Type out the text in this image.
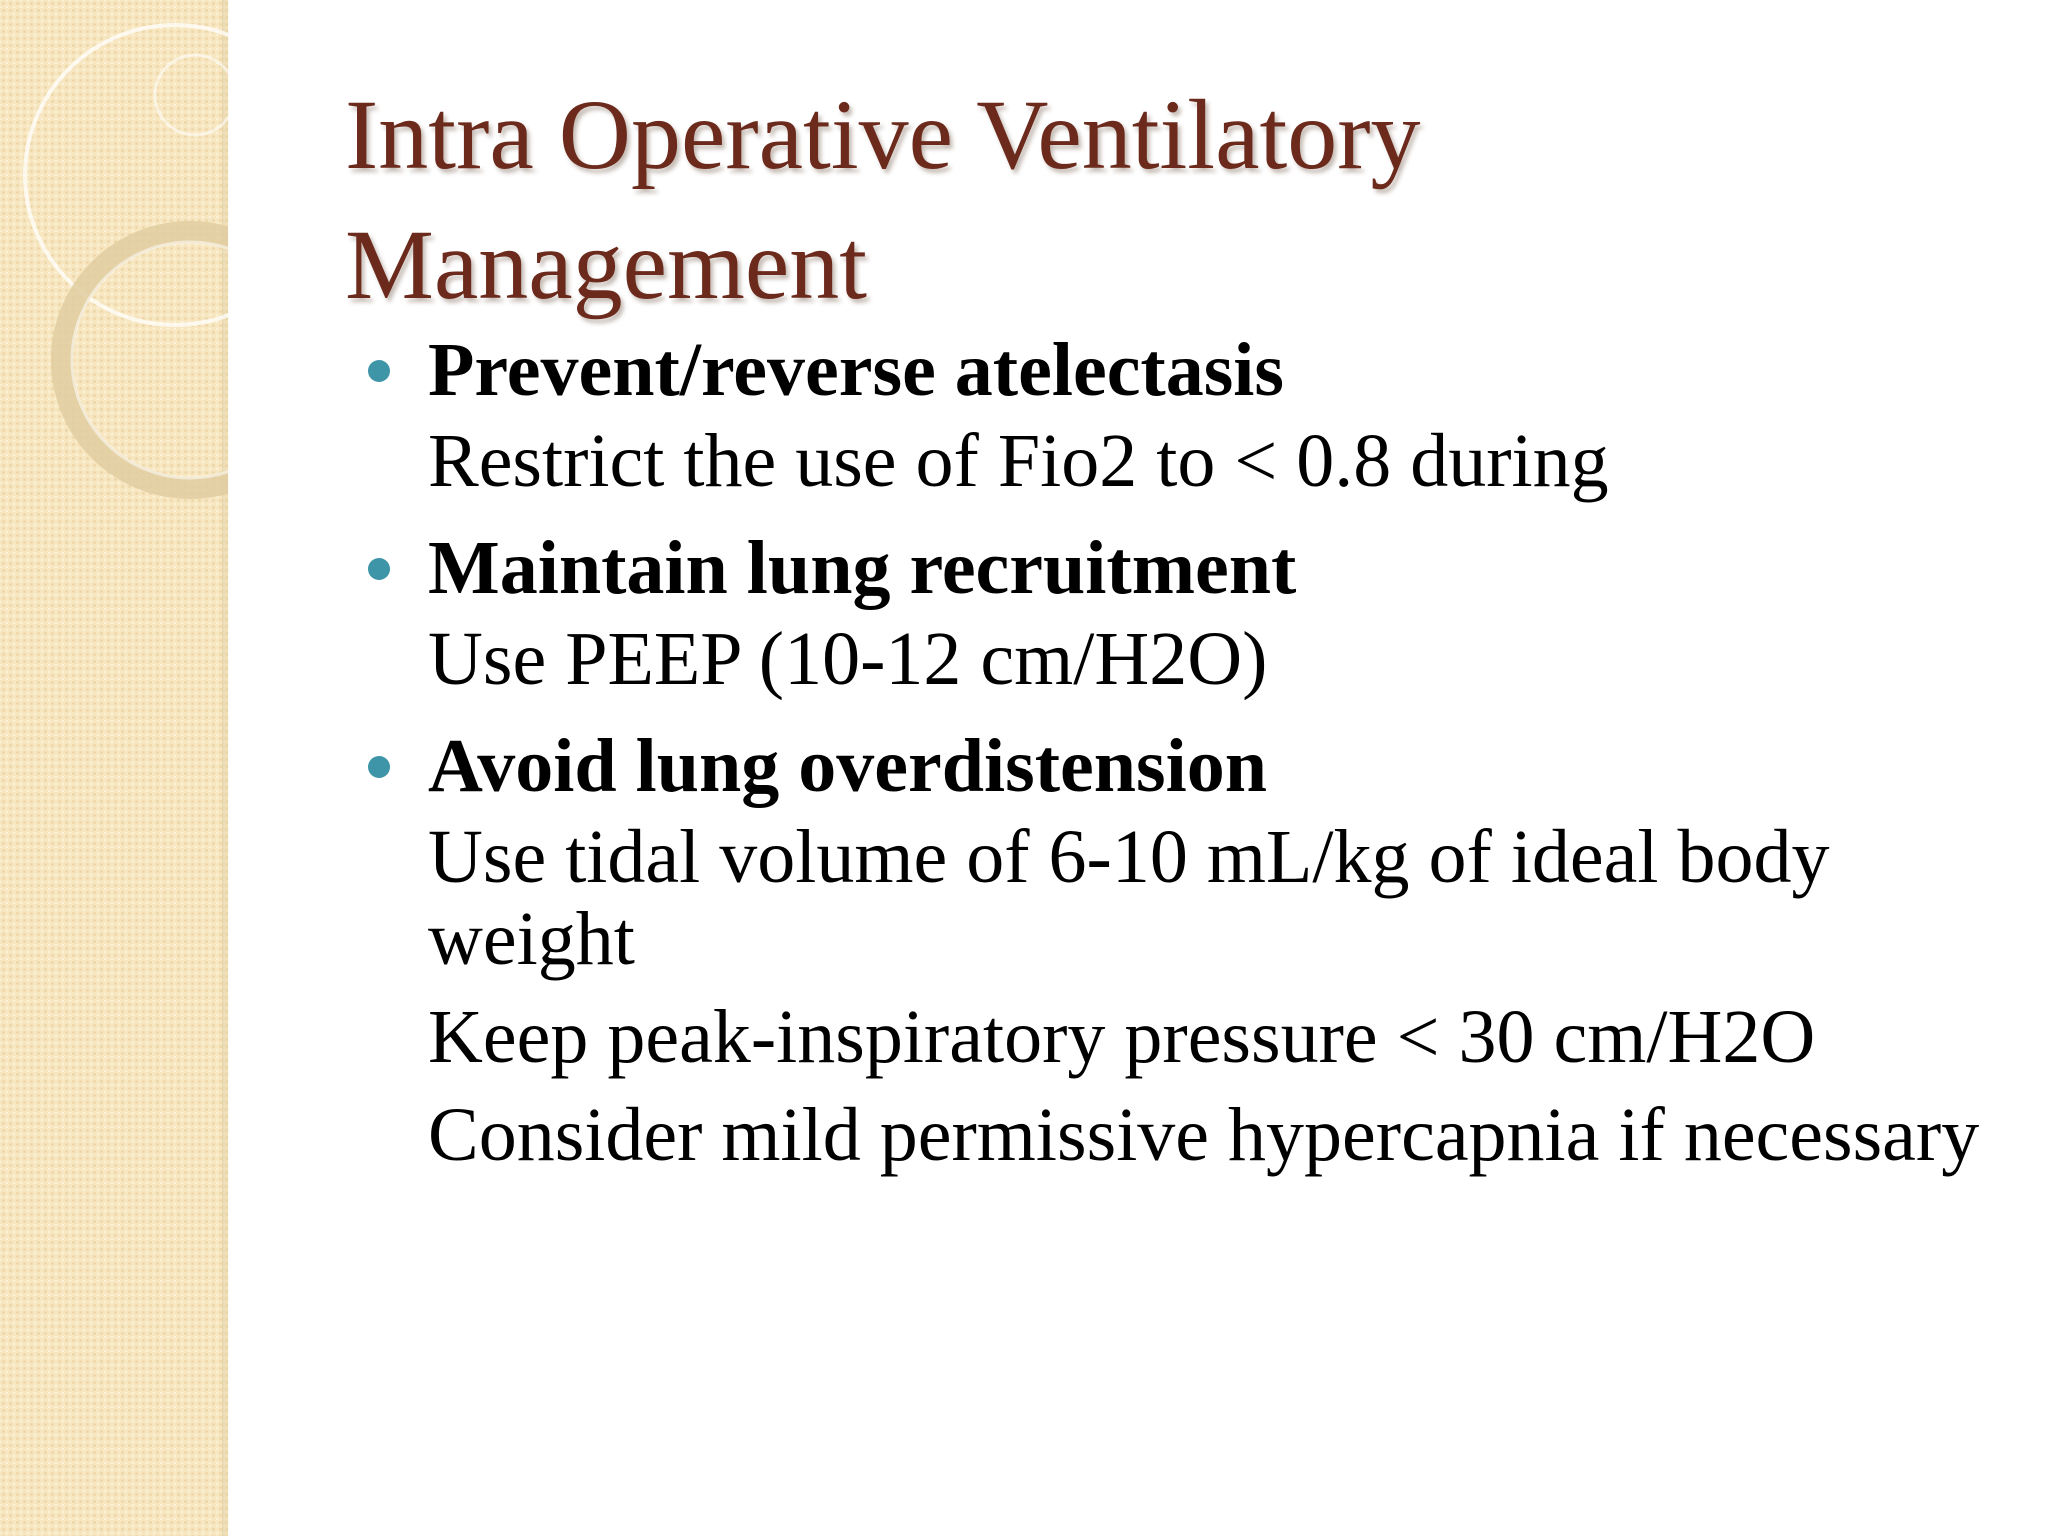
Intra Operative Ventilatory
Management

Prevent/reverse atelectasis

Restrict the use of Fio2 to < 0.8 during

Maintain lung recruitment

Use PEEP (10-12 cm/H2O)

Avoid lung overdistension

Use tidal volume of 6-10 mL/kg of ideal body weight

Keep peak-inspiratory pressure < 30 cm/H2O

Consider mild permissive hypercapnia if necessary
